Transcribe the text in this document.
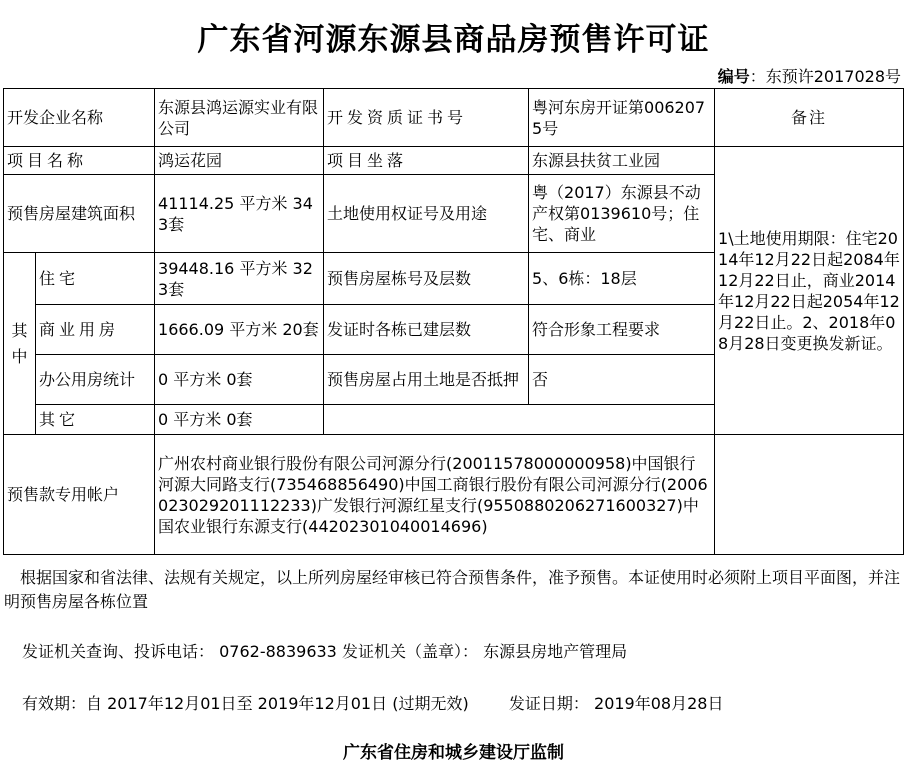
广东省河源东源县商品房预售许可证
编号：东预许2017028号
开发企业名称		东源县鸿运源实业有限公司	开发资质证书号	粤河东房开证第0062075号	备注
项目名称		鸿运花园	项目坐落	东源县扶贫工业园	1\土地使用期限：住宅2014年12月22日起2084年12月22日止，商业2014年12月22日起2054年12月22日止。2、2018年08月28日变更换发新证。
预售房屋建筑面积		41114.25 平方米 343套	土地使用权证号及用途	粤（2017）东源县不动产权第0139610号；住宅、商业	
其中	住宅	39448.16 平方米 323套	预售房屋栋号及层数	5、6栋：18层	
	商业用房	1666.09 平方米 20套	发证时各栋已建层数	符合形象工程要求	
	办公用房统计	0 平方米 0套	预售房屋占用土地是否抵押	否	
	其它	0 平方米 0套			
预售款专用帐户		广州农村商业银行股份有限公司河源分行(20011578000000958)中国银行河源大同路支行(735468856490)中国工商银行股份有限公司河源分行(2006023029201112233)广发银行河源红星支行(9550880206271600327)中国农业银行东源支行(44202301040014696)			
根据国家和省法律、法规有关规定，以上所列房屋经审核已符合预售条件，准予预售。本证使用时必须附上项目平面图，并注明预售房屋各栋位置
发证机关查询、投诉电话： 0762-8839633 发证机关（盖章）： 东源县房地产管理局
有效期：自 2017年12月01日至 2019年12月01日 (过期无效)	发证日期： 2019年08月28日
广东省住房和城乡建设厅监制
